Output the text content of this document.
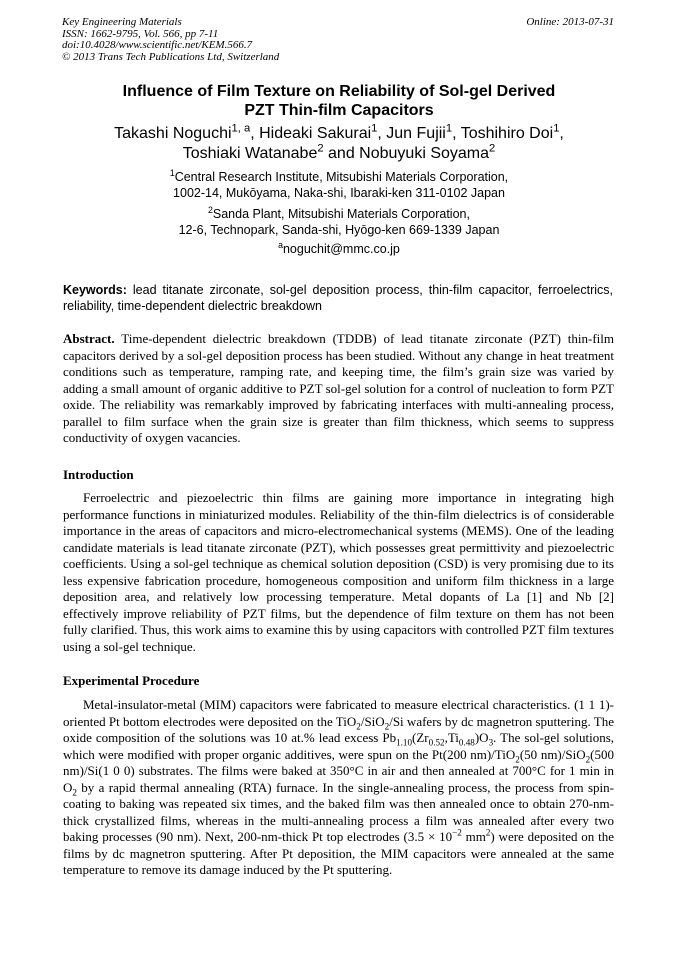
Key Engineering Materials
ISSN: 1662-9795, Vol. 566, pp 7-11
doi:10.4028/www.scientific.net/KEM.566.7
© 2013 Trans Tech Publications Ltd, Switzerland
Online: 2013-07-31
Influence of Film Texture on Reliability of Sol-gel Derived
PZT Thin-film Capacitors
Takashi Noguchi$^{1, a}$, Hideaki Sakurai$^1$, Jun Fujii$^1$, Toshihiro Doi$^1$,
Toshiaki Watanabe$^2$ and Nobuyuki Soyama$^2$
$^1$Central Research Institute, Mitsubishi Materials Corporation,
1002-14, Mukōyama, Naka-shi, Ibaraki-ken 311-0102 Japan
$^2$Sanda Plant, Mitsubishi Materials Corporation,
12-6, Technopark, Sanda-shi, Hyōgo-ken 669-1339 Japan
$^a$noguchit@mmc.co.jp
Keywords: lead titanate zirconate, sol-gel deposition process, thin-film capacitor, ferroelectrics, reliability, time-dependent dielectric breakdown
Abstract. Time-dependent dielectric breakdown (TDDB) of lead titanate zirconate (PZT) thin-film capacitors derived by a sol-gel deposition process has been studied. Without any change in heat treatment conditions such as temperature, ramping rate, and keeping time, the film’s grain size was varied by adding a small amount of organic additive to PZT sol-gel solution for a control of nucleation to form PZT oxide. The reliability was remarkably improved by fabricating interfaces with multi-annealing process, parallel to film surface when the grain size is greater than film thickness, which seems to suppress conductivity of oxygen vacancies.
Introduction
Ferroelectric and piezoelectric thin films are gaining more importance in integrating high performance functions in miniaturized modules. Reliability of the thin-film dielectrics is of considerable importance in the areas of capacitors and micro-electromechanical systems (MEMS). One of the leading candidate materials is lead titanate zirconate (PZT), which possesses great permittivity and piezoelectric coefficients. Using a sol-gel technique as chemical solution deposition (CSD) is very promising due to its less expensive fabrication procedure, homogeneous composition and uniform film thickness in a large deposition area, and relatively low processing temperature. Metal dopants of La [1] and Nb [2] effectively improve reliability of PZT films, but the dependence of film texture on them has not been fully clarified. Thus, this work aims to examine this by using capacitors with controlled PZT film textures using a sol-gel technique.
Experimental Procedure
Metal-insulator-metal (MIM) capacitors were fabricated to measure electrical characteristics. (1 1 1)-oriented Pt bottom electrodes were deposited on the TiO$_2$/SiO$_2$/Si wafers by dc magnetron sputtering. The oxide composition of the solutions was 10 at.% lead excess $Pb_{1.10}(Zr_{0.52},Ti_{0.48})O_3$. The sol-gel solutions, which were modified with proper organic additives, were spun on the Pt(200 nm)/TiO$_2$(50 nm)/SiO$_2$(500 nm)/Si(1 0 0) substrates. The films were baked at 350°C in air and then annealed at 700°C for 1 min in $O_2$ by a rapid thermal annealing (RTA) furnace. In the single-annealing process, the process from spin-coating to baking was repeated six times, and the baked film was then annealed once to obtain 270-nm-thick crystallized films, whereas in the multi-annealing process a film was annealed after every two baking processes (90 nm). Next, 200-nm-thick Pt top electrodes ($3.5 \times 10^{-2}$ $mm^2$) were deposited on the films by dc magnetron sputtering. After Pt deposition, the MIM capacitors were annealed at the same temperature to remove its damage induced by the Pt sputtering.
